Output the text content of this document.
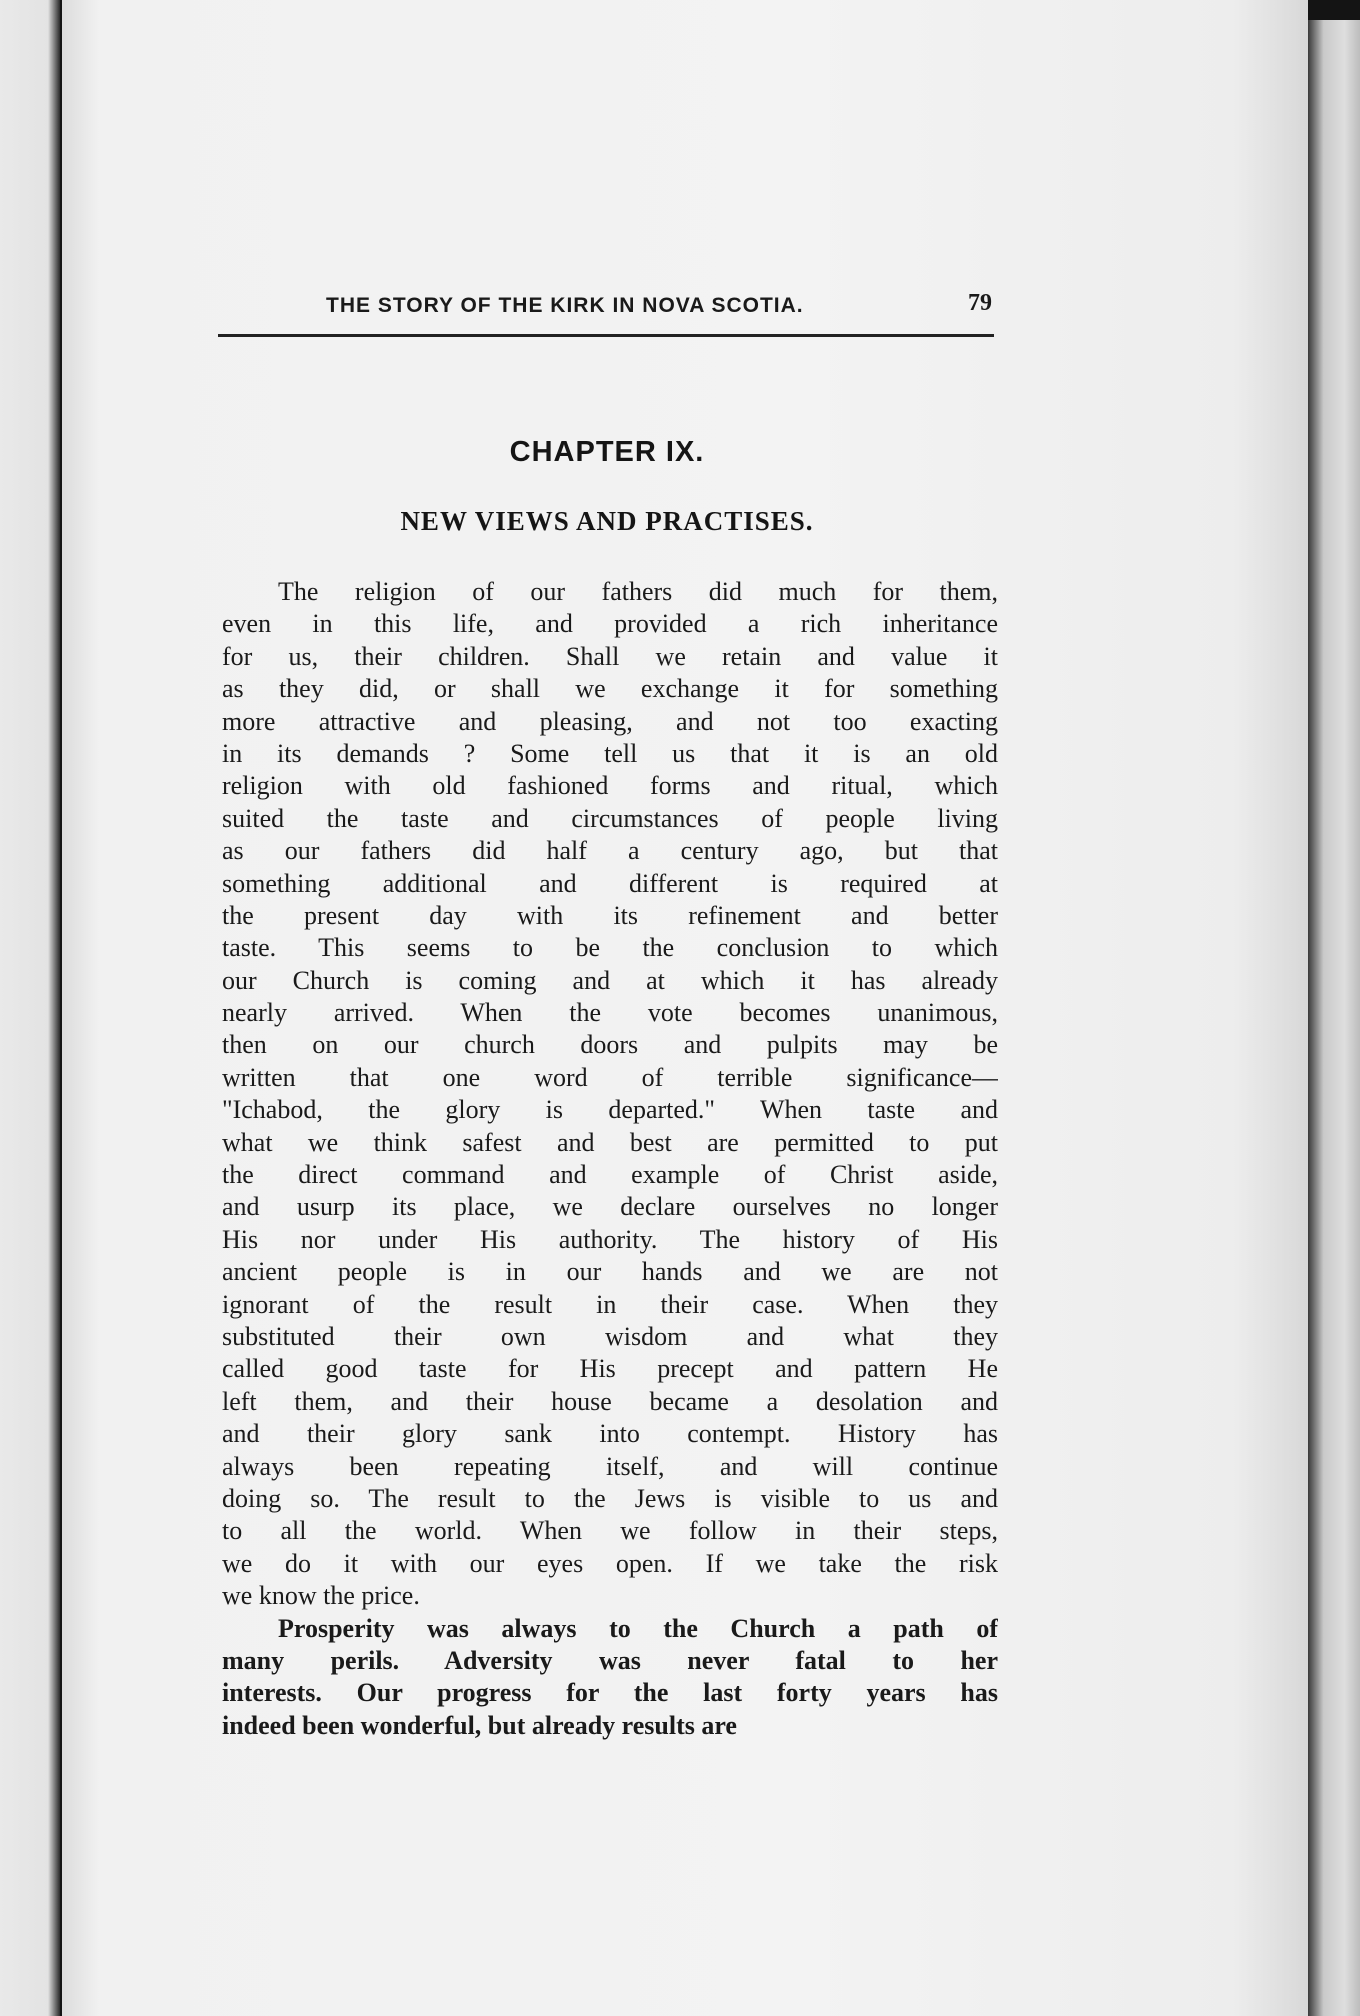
THE STORY OF THE KIRK IN NOVA SCOTIA.	79
CHAPTER IX.
NEW VIEWS AND PRACTISES.
The religion of our fathers did much for them,
even in this life, and provided a rich inheritance
for us, their children. Shall we retain and value it
as they did, or shall we exchange it for something
more attractive and pleasing, and not too exacting
in its demands ? Some tell us that it is an old
religion with old fashioned forms and ritual, which
suited the taste and circumstances of people living
as our fathers did half a century ago, but that
something additional and different is required at
the present day with its refinement and better
taste. This seems to be the conclusion to which
our Church is coming and at which it has already
nearly arrived. When the vote becomes unanimous,
then on our church doors and pulpits may be
written that one word of terrible significance—
"Ichabod, the glory is departed." When taste and
what we think safest and best are permitted to put
the direct command and example of Christ aside,
and usurp its place, we declare ourselves no longer
His nor under His authority. The history of His
ancient people is in our hands and we are not
ignorant of the result in their case. When they
substituted their own wisdom and what they
called good taste for His precept and pattern He
left them, and their house became a desolation and
and their glory sank into contempt. History has
always been repeating itself, and will continue
doing so. The result to the Jews is visible to us and
to all the world. When we follow in their steps,
we do it with our eyes open. If we take the risk
we know the price.
Prosperity was always to the Church a path of
many perils. Adversity was never fatal to her
interests. Our progress for the last forty years has
indeed been wonderful, but already results are
